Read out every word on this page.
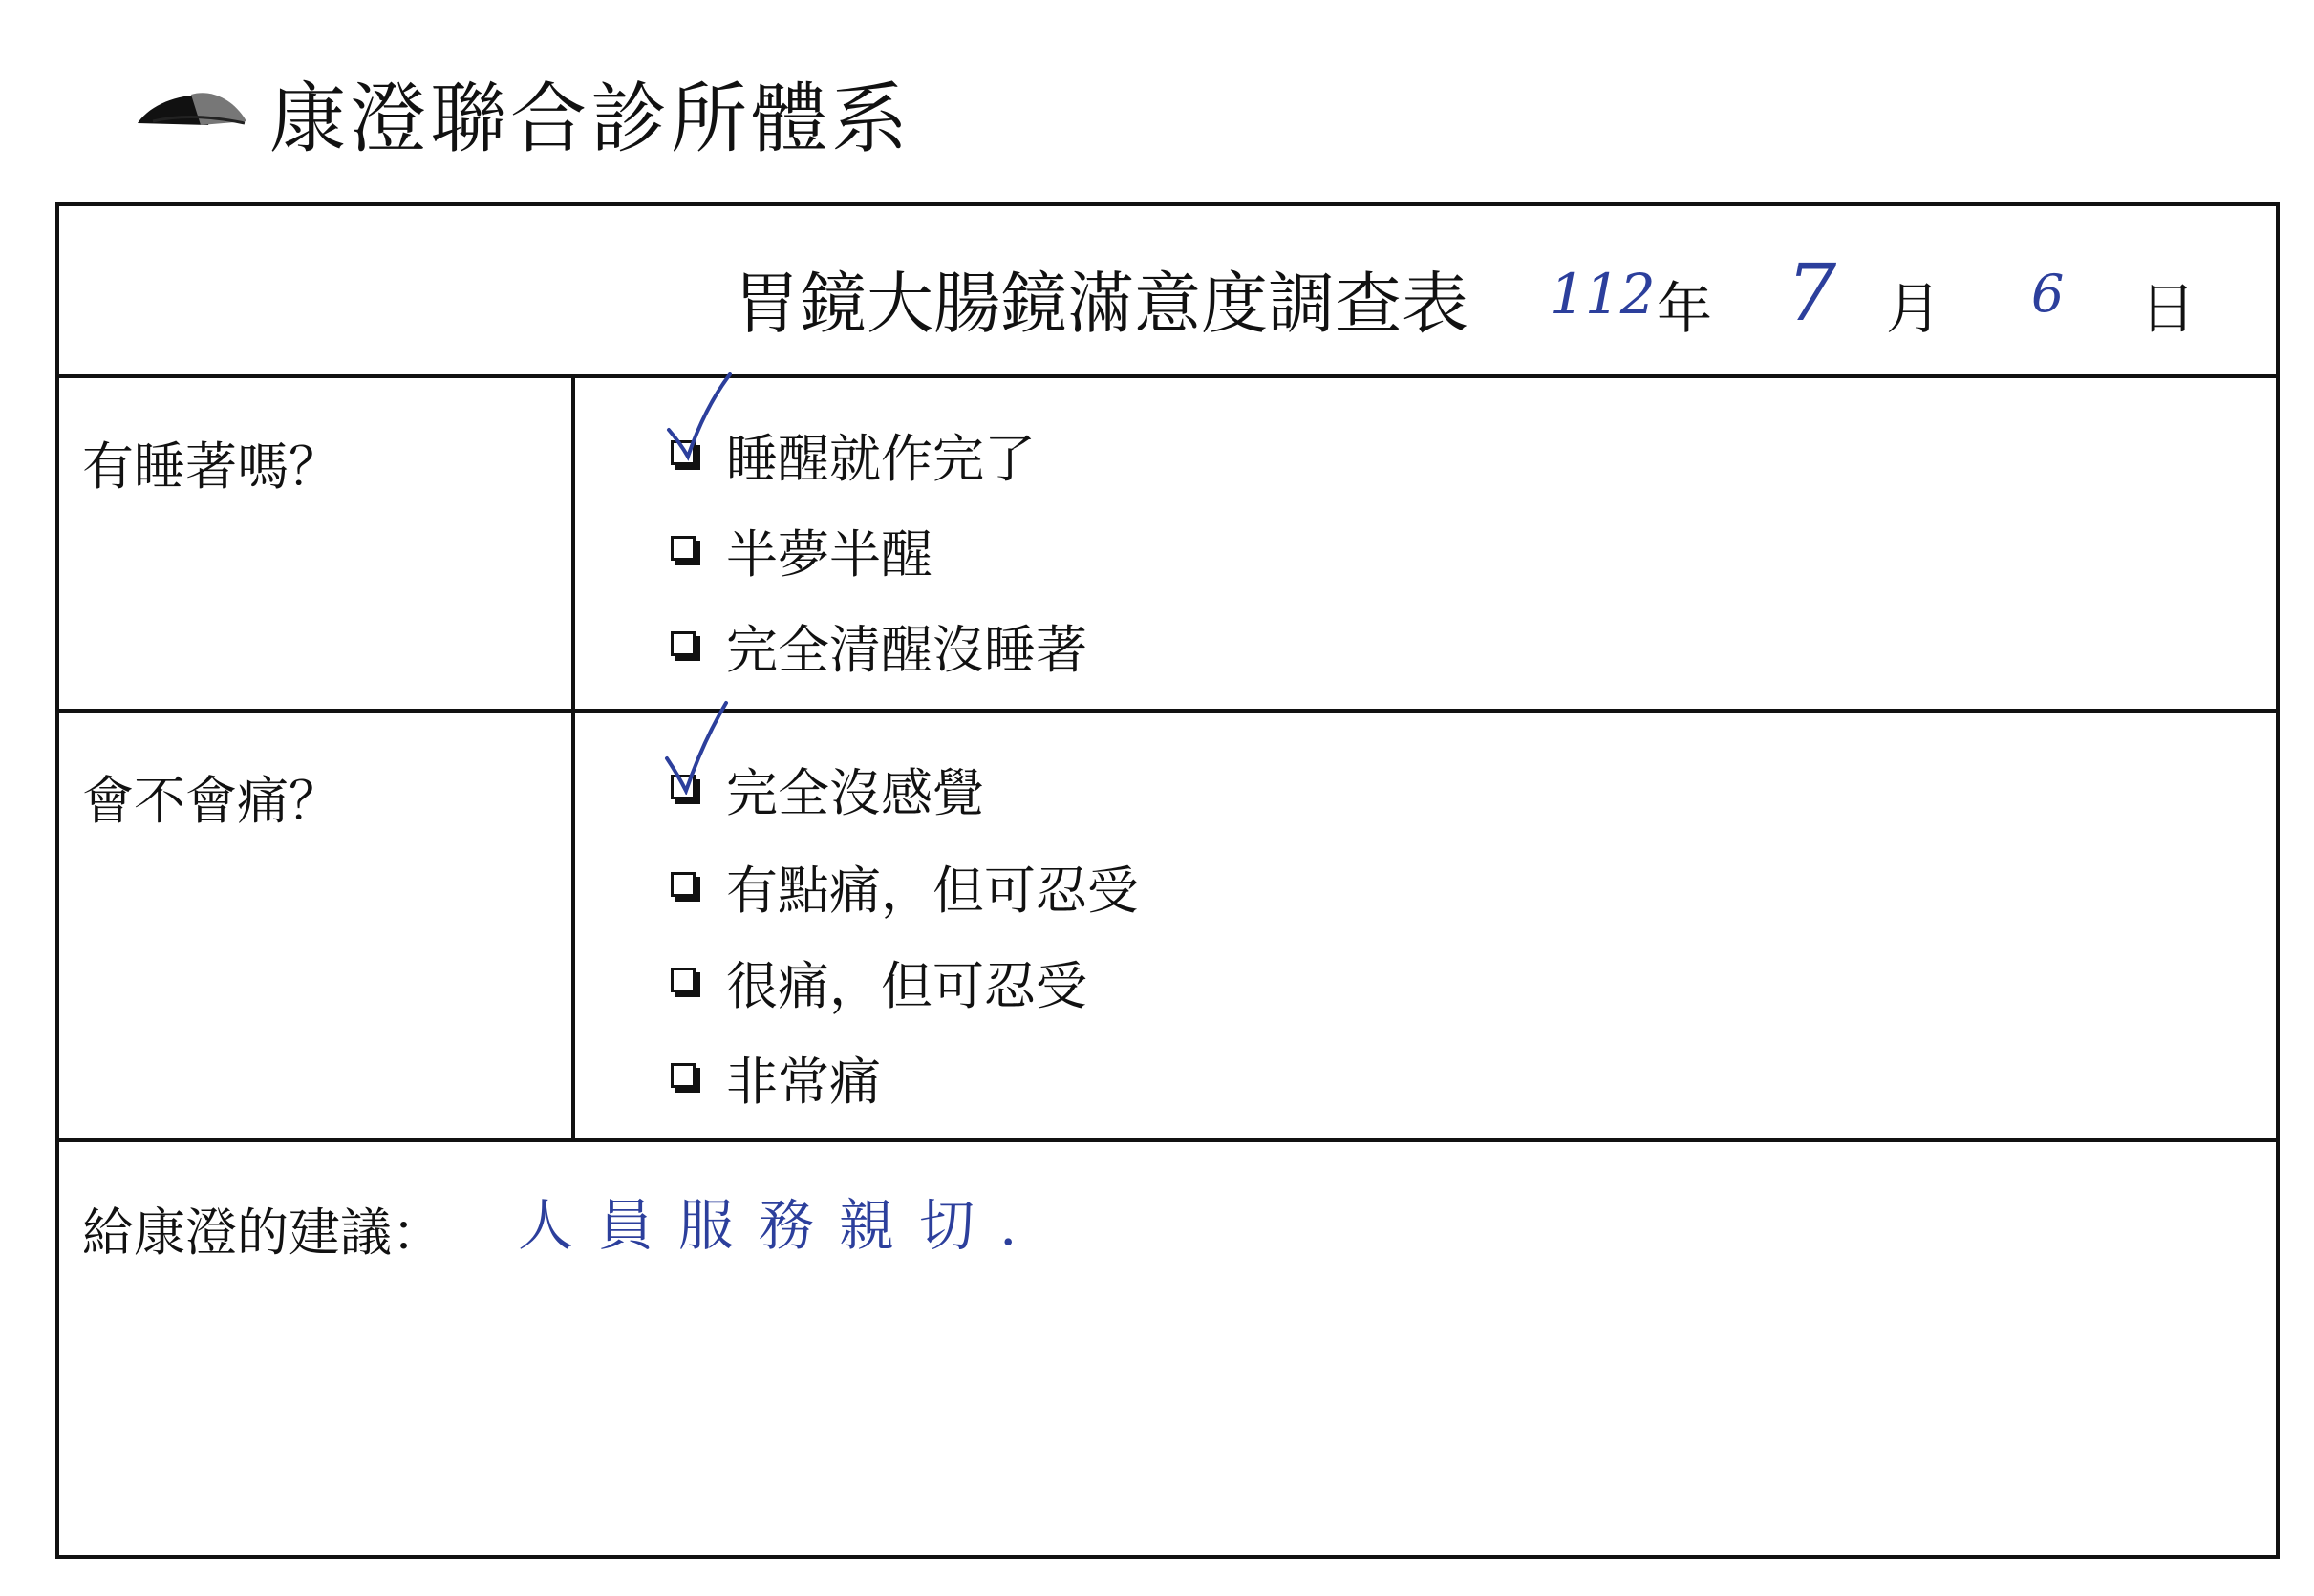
康澄聯合診所體系
胃鏡大腸鏡滿意度調查表 112 年 7 月 6 日
有睡著嗎？	睡醒就作完了
半夢半醒
完全清醒沒睡著
會不會痛？	完全沒感覺
有點痛，但可忍受
很痛，但可忍受
非常痛
給康澄的建議： 人員服務親切.
